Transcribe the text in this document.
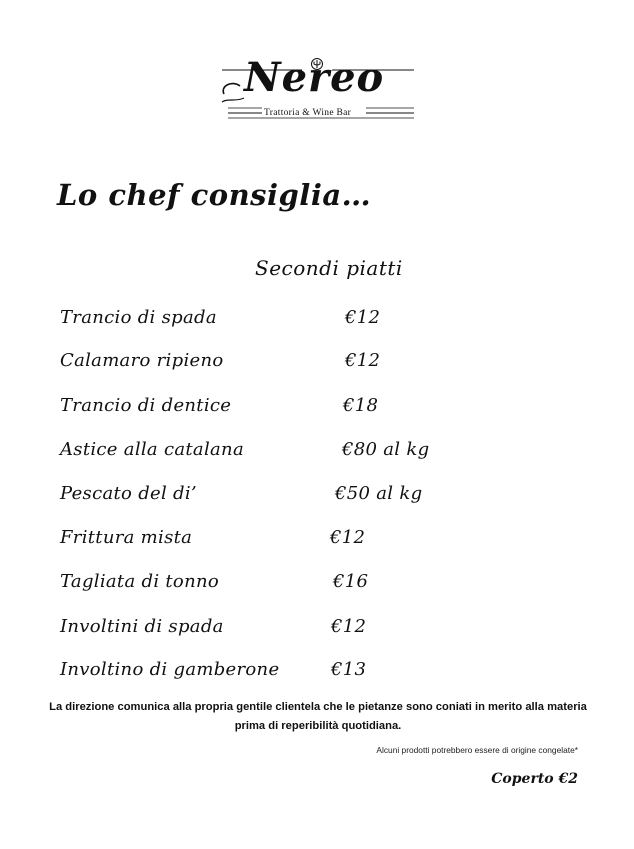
Nereo
Trattoria & Wine Bar
Lo chef consiglia…
Secondi piatti
Trancio di spada	€12
Calamaro ripieno	€12
Trancio di dentice	€18
Astice alla catalana	€80 al kg
Pescato del di’	€50 al kg
Frittura mista	€12
Tagliata di tonno	€16
Involtini di spada	€12
Involtino di gamberone	€13
La direzione comunica alla propria gentile clientela che le pietanze sono coniati in merito alla materia prima di reperibilità quotidiana.
Alcuni prodotti potrebbero essere di origine congelate*
Coperto €2
